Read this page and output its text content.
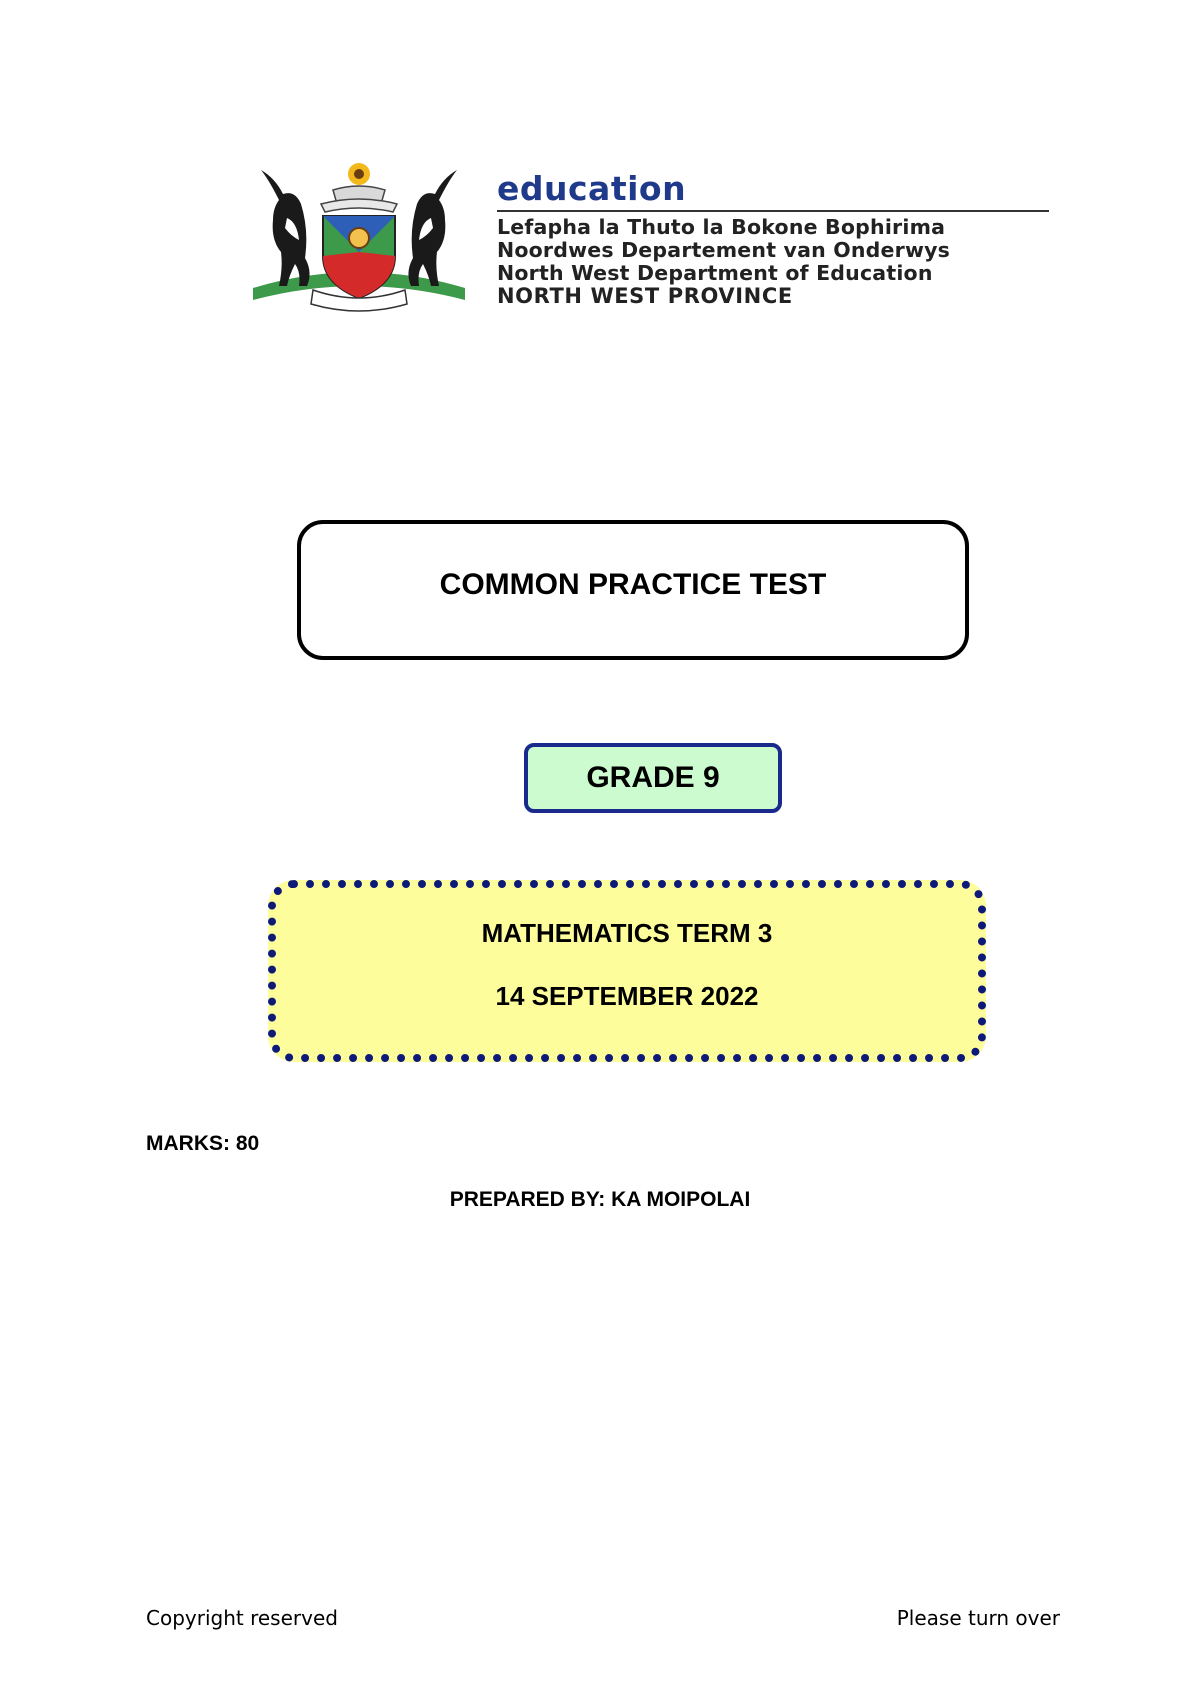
education
Lefapha la Thuto la Bokone Bophirima
Noordwes Departement van Onderwys
North West Department of Education
NORTH WEST PROVINCE
COMMON PRACTICE TEST
GRADE 9
MATHEMATICS TERM 3
14 SEPTEMBER 2022
MARKS: 80
PREPARED BY: KA MOIPOLAI
Copyright reserved	Please turn over
